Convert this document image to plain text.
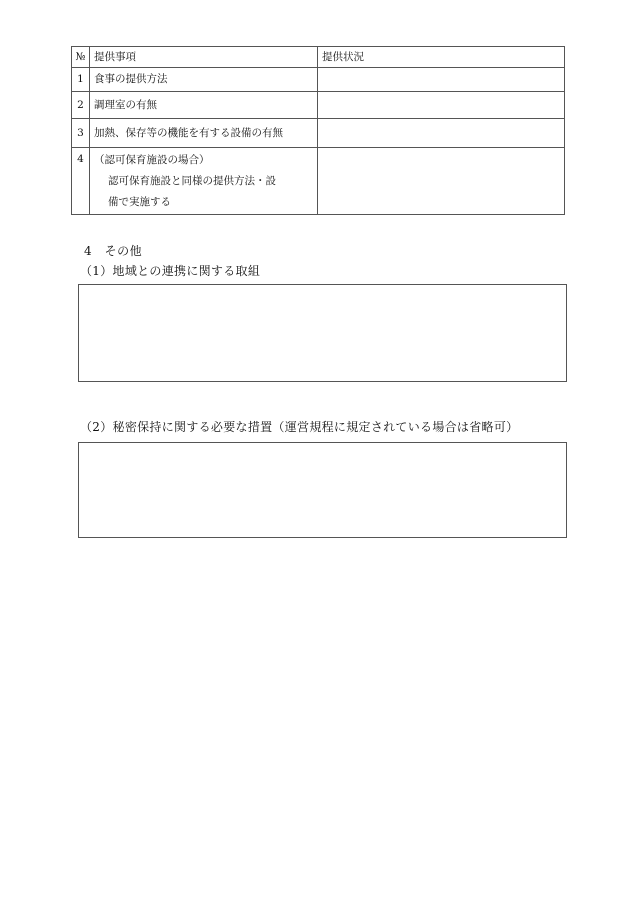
№	提供事項	提供状況
1	食事の提供方法	
2	調理室の有無	
3	加熱、保存等の機能を有する設備の有無	
4	（認可保育施設の場合）
認可保育施設と同様の提供方法・設
備で実施する	

4　その他
（1）地域との連携に関する取組
（2）秘密保持に関する必要な措置（運営規程に規定されている場合は省略可）
